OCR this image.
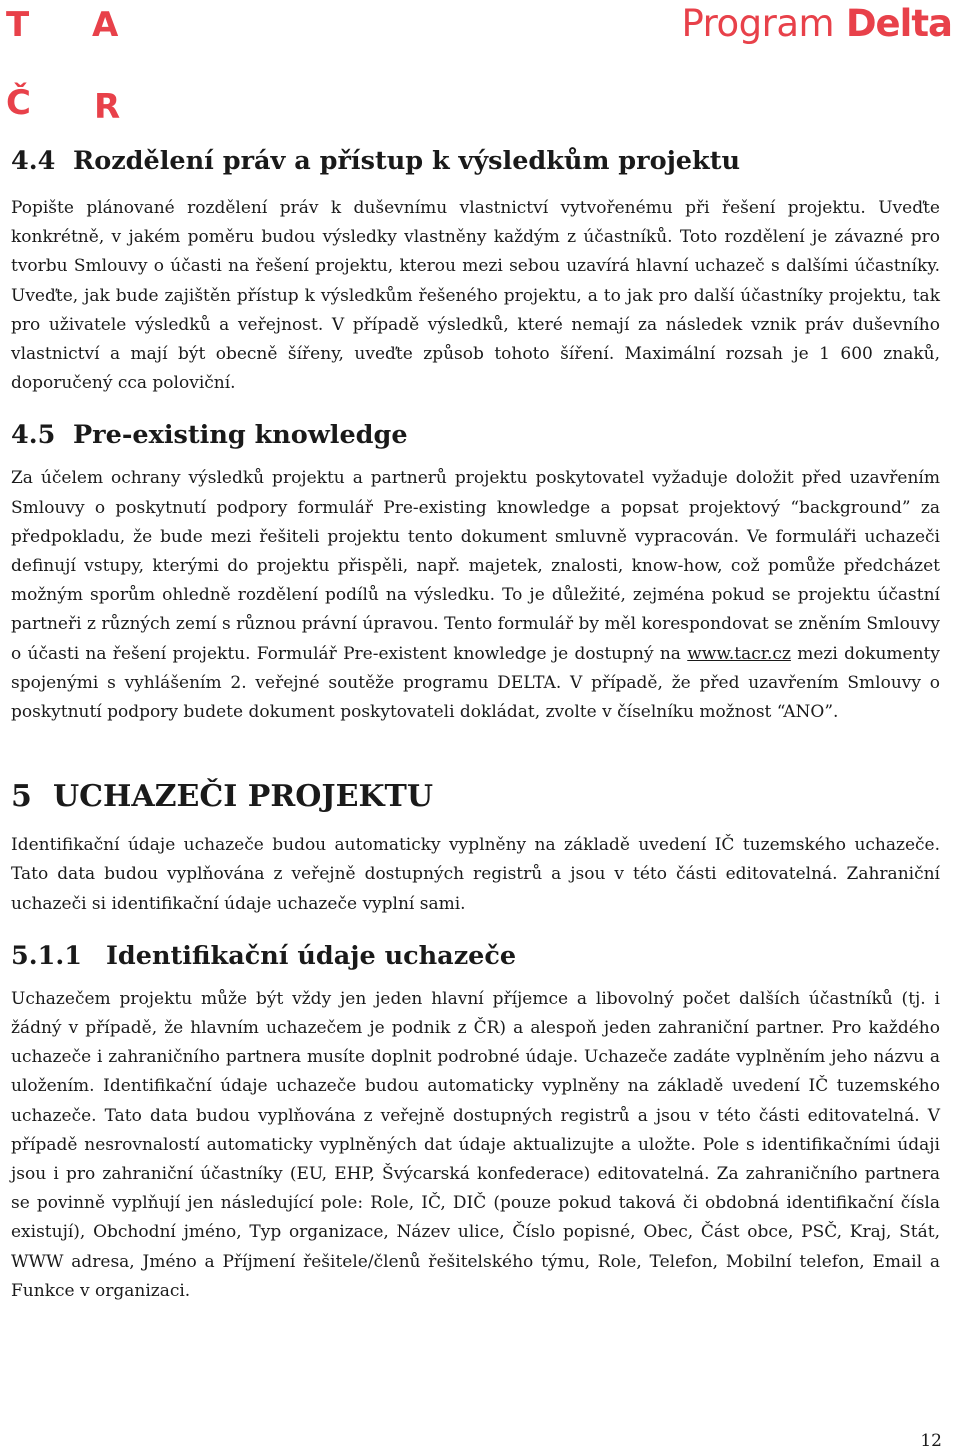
T A
Č R
Program Delta
4.4 Rozdělení práv a přístup k výsledkům projektu

Popište plánované rozdělení práv k duševnímu vlastnictví vytvořenému při řešení projektu. Uveďte konkrétně, v jakém poměru budou výsledky vlastněny každým z účastníků. Toto rozdělení je závazné pro tvorbu Smlouvy o účasti na řešení projektu, kterou mezi sebou uzavírá hlavní uchazeč s dalšími účastníky. Uveďte, jak bude zajištěn přístup k výsledkům řešeného projektu, a to jak pro další účastníky projektu, tak pro uživatele výsledků a veřejnost. V případě výsledků, které nemají za následek vznik práv duševního vlastnictví a mají být obecně šířeny, uveďte způsob tohoto šíření. Maximální rozsah je 1 600 znaků, doporučený cca poloviční.

4.5 Pre-existing knowledge

Za účelem ochrany výsledků projektu a partnerů projektu poskytovatel vyžaduje doložit před uzavřením Smlouvy o poskytnutí podpory formulář Pre-existing knowledge a popsat projektový “background” za předpokladu, že bude mezi řešiteli projektu tento dokument smluvně vypracován. Ve formuláři uchazeči definují vstupy, kterými do projektu přispěli, např. majetek, znalosti, know-how, což pomůže předcházet možným sporům ohledně rozdělení podílů na výsledku. To je důležité, zejména pokud se projektu účastní partneři z různých zemí s různou právní úpravou. Tento formulář by měl korespondovat se zněním Smlouvy o účasti na řešení projektu. Formulář Pre-existent knowledge je dostupný na www.tacr.cz mezi dokumenty spojenými s vyhlášením 2. veřejné soutěže programu DELTA. V případě, že před uzavřením Smlouvy o poskytnutí podpory budete dokument poskytovateli dokládat, zvolte v číselníku možnost “ANO”.

5 UCHAZEČI PROJEKTU

Identifikační údaje uchazeče budou automaticky vyplněny na základě uvedení IČ tuzemského uchazeče. Tato data budou vyplňována z veřejně dostupných registrů a jsou v této části editovatelná. Zahraniční uchazeči si identifikační údaje uchazeče vyplní sami.

5.1.1 Identifikační údaje uchazeče

Uchazečem projektu může být vždy jen jeden hlavní příjemce a libovolný počet dalších účastníků (tj. i žádný v případě, že hlavním uchazečem je podnik z ČR) a alespoň jeden zahraniční partner. Pro každého uchazeče i zahraničního partnera musíte doplnit podrobné údaje. Uchazeče zadáte vyplněním jeho názvu a uložením. Identifikační údaje uchazeče budou automaticky vyplněny na základě uvedení IČ tuzemského uchazeče. Tato data budou vyplňována z veřejně dostupných registrů a jsou v této části editovatelná. V případě nesrovnalostí automaticky vyplněných dat údaje aktualizujte a uložte. Pole s identifikačními údaji jsou i pro zahraniční účastníky (EU, EHP, Švýcarská konfederace) editovatelná. Za zahraničního partnera se povinně vyplňují jen následující pole: Role, IČ, DIČ (pouze pokud taková či obdobná identifikační čísla existují), Obchodní jméno, Typ organizace, Název ulice, Číslo popisné, Obec, Část obce, PSČ, Kraj, Stát, WWW adresa, Jméno a Příjmení řešitele/členů řešitelského týmu, Role, Telefon, Mobilní telefon, Email a Funkce v organizaci.

12
